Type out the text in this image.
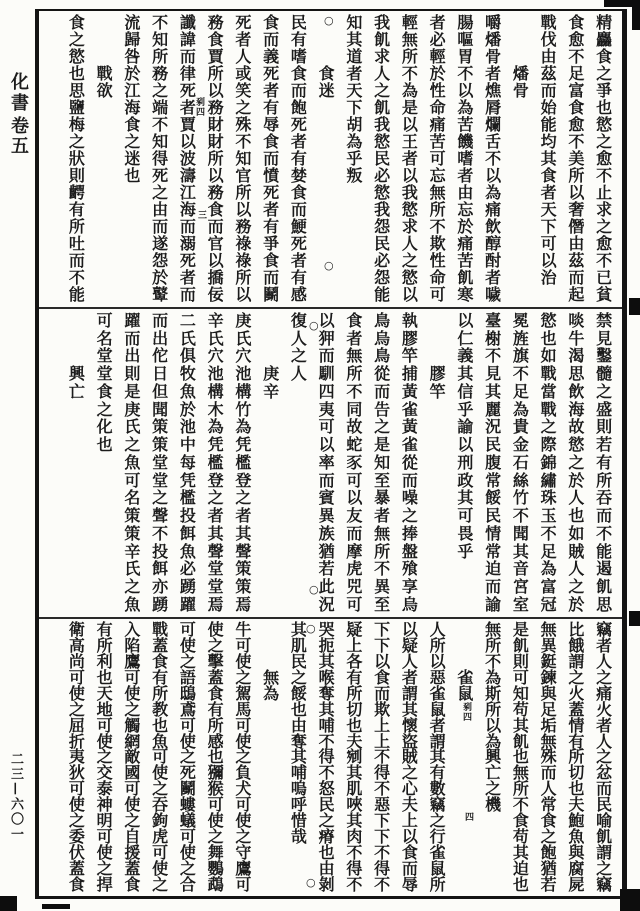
化書
卷五
二三—六〇一
精
麤
食
之
爭
也
慾
之
愈
不
止
求
之
愈
不
已
貧
食
愈
不
足
富
食
愈
不
美
所
以
奢
僭
由
茲
而
起
戰
伐
由
茲
而
始
能
均
其
食
者
天
下
可
以
治
燔
骨
嚼
燔
骨
者
燋
脣
爛
舌
不
以
為
痛
飲
醇
酎
者
噦
腸
嘔
胃
不
以
為
苦
饑
嗜
者
由
忘
於
痛
苦
飢
寒
者
必
輕
於
性
命
痛
苦
可
忘
無
所
不
欺
性
命
可
輕
無
所
不
為
是
以
王
者
以
我
慾
求
人
之
慾
以
我
飢
求
人
之
飢
我
慾
民
必
慾
我
怨
民
必
怨
能
知
其
道
者
天
下
胡
為
乎
叛
食
迷
民
有
嗜
食
而
飽
死
者
有
婪
食
而
鯁
死
者
有
感
食
而
義
死
者
有
辱
食
而
憤
死
者
有
爭
食
而
鬭
死
者
人
或
笑
之
殊
不
知
官
所
以
務
祿
祿
所
以
務
食
賈
所
以
務
財
財
所
以
務
食
而
官
以
撟
佞
讖
諱
而
律
死
者
賈
以
波
濤
江
海
而
溺
死
者
而
不
知
所
務
之
端
不
知
得
死
之
由
而
遂
怨
於
鼙
流
歸
咎
於
江
海
食
之
迷
也
戰
欲
食
之
慾
也
思
鹽
梅
之
狀
則
齶
有
所
吐
而
不
能
禁
見
鑿
髓
之
盛
則
若
有
所
吞
而
不
能
遏
飢
思
啖
牛
渴
思
飲
海
故
慾
之
於
人
也
如
賊
人
之
於
慾
也
如
戰
當
戰
之
際
錦
繡
珠
玉
不
足
為
富
冠
冕
旌
旗
不
足
為
貴
金
石
絲
竹
不
聞
其
音
宮
室
臺
榭
不
見
其
麗
況
民
腹
常
餒
民
情
常
迫
而
諭
以
仁
義
其
信
乎
諭
以
刑
政
其
可
畏
乎
膠
竿
執
膠
竿
捕
黃
雀
黃
雀
從
而
噪
之
捧
盤
飱
享
烏
鳥
烏
鳥
從
而
告
之
是
知
至
暴
者
無
所
不
異
至
食
者
無
所
不
同
故
蛇
豕
可
以
友
而
摩
虎
兕
可
以
狎
而
馴
四
夷
可
以
率
而
賓
異
族
猶
若
此
況
復
人
之
人
庚
辛
庚
氏
穴
池
構
竹
為
凭
檻
登
之
者
其
聲
策
策
焉
辛
氏
穴
池
構
木
為
凭
檻
登
之
者
其
聲
堂
堂
焉
二
氏
俱
牧
魚
於
池
中
每
凭
檻
投
餌
魚
必
踴
躍
而
出
佗
日
但
聞
策
策
堂
堂
之
聲
不
投
餌
亦
踴
躍
而
出
則
是
庚
氏
之
魚
可
名
策
策
辛
氏
之
魚
可
名
堂
堂
食
之
化
也
興
亡
竊
者
人
之
痛
火
者
人
之
忿
而
民
喻
飢
謂
之
竊
比
餓
謂
之
火
蓋
情
有
所
切
也
夫
鮑
魚
與
腐
屍
無
異
鋌
鍊
與
足
垢
無
殊
而
人
常
食
之
飽
猶
若
是
飢
則
可
知
苟
其
飢
也
無
所
不
食
苟
其
迫
也
無
所
不
為
斯
所
以
為
興
亡
之
機
雀
鼠
人
所
以
惡
雀
鼠
者
謂
其
有
數
竊
之
行
雀
鼠
所
以
疑
人
者
謂
其
懷
盜
賊
之
心
夫
上
以
食
而
辱
下
下
以
食
而
欺
上
上
不
得
不
惡
下
下
不
得
不
疑
上
各
有
所
切
也
夫
剜
其
肌
唊
其
肉
不
得
不
哭
扼
其
喉
奪
其
哺
不
得
不
怒
民
之
瘠
也
由
剝
其
肌
民
之
餒
也
由
奪
其
哺
嗚
呼
惜
哉
無
為
牛
可
使
之
駕
馬
可
使
之
負
犬
可
使
之
守
鷹
可
使
之
擊
蓋
食
有
所
感
也
獼
猴
可
使
之
舞
鸚
鵡
可
使
之
語
鴟
鳶
可
使
之
死
鬭
螻
蟻
可
使
之
合
戰
蓋
食
有
所
教
也
魚
可
使
之
吞
鉤
虎
可
使
之
入
陷
鷹
可
使
之
觸
網
敵
國
可
使
之
自
援
蓋
食
有
所
利
也
天
地
可
使
之
交
泰
神
明
可
使
之
捍
衛
高
尚
可
使
之
屈
折
夷
狄
可
使
之
委
伏
蓋
食
○
○
剢四
三
○
○
剢四
四
○
○
